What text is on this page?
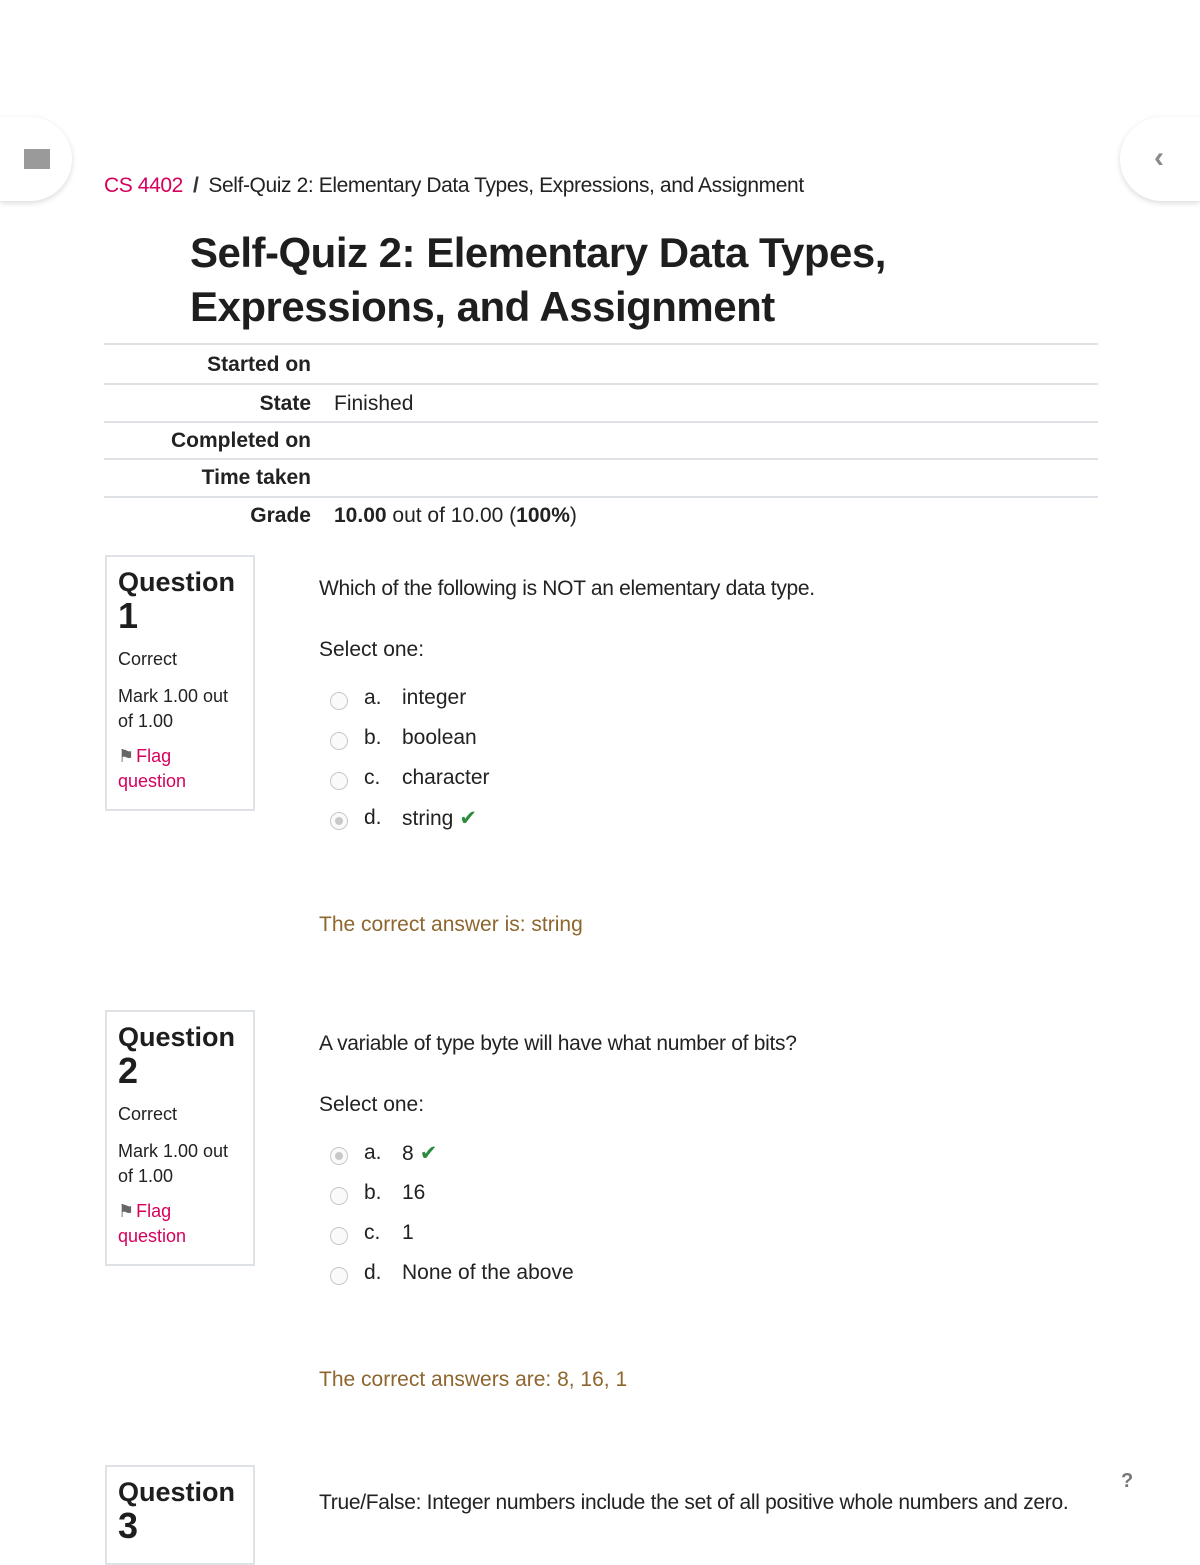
‹
CS 4402 / Self-Quiz 2: Elementary Data Types, Expressions, and Assignment
Self-Quiz 2: Elementary Data Types, Expressions, and Assignment
Started on
State Finished
Completed on
Time taken
Grade 10.00 out of 10.00 (100%)
Question
1
Correct
Mark 1.00 out of 1.00
⚑ Flag question
Which of the following is NOT an elementary data type.
Select one:
a. integer
b. boolean
c. character
d. string ✔
The correct answer is: string
Question
2
Correct
Mark 1.00 out of 1.00
⚑ Flag question
A variable of type byte will have what number of bits?
Select one:
a. 8 ✔
b. 16
c. 1
d. None of the above
The correct answers are: 8, 16, 1
Question
3
True/False: Integer numbers include the set of all positive whole numbers and zero.
?
